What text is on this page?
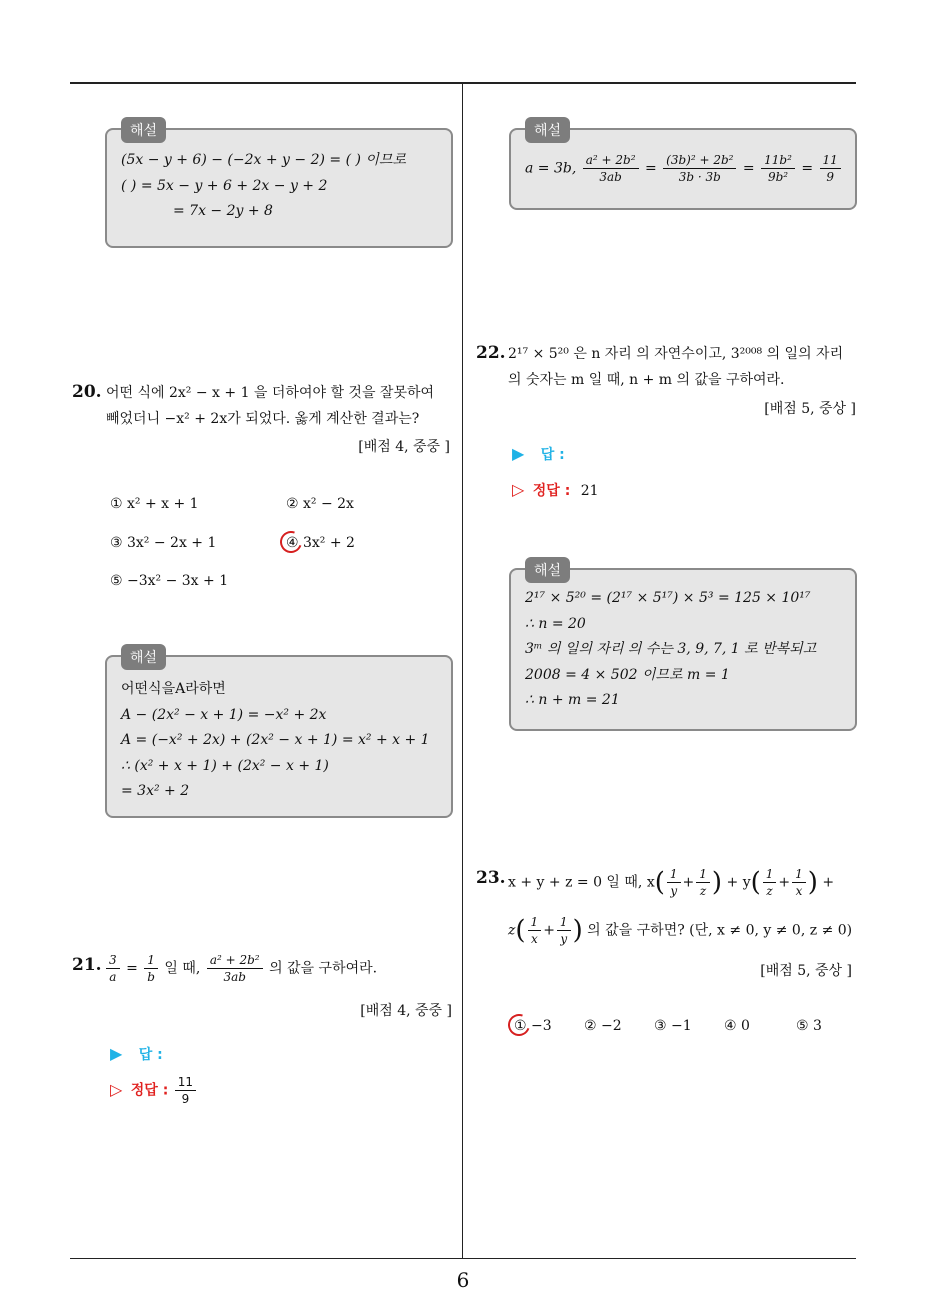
해설
(5x − y + 6) − (−2x + y − 2) = ( ) 이므로
( ) = 5x − y + 6 + 2x − y + 2
= 7x − 2y + 8
해설
a = 3b, $\frac{\text{a² + 2b²}}{3ab} = \frac{\text{(3b)² + 2b²}}{3b \cdot 3b} = \frac{\text{11b²}}{\text{9b²}} = \frac{11}{9}$
20. 어떤 식에 2x² − x + 1 을 더하여야 할 것을 잘못하여
빼었더니 −x² + 2x가 되었다. 옳게 계산한 결과는?
[배점 4, 중중 ]
① x² + x + 1	② x² − 2x
③ 3x² − 2x + 1	④ 3x² + 2
⑤ −3x² − 3x + 1
해설
어떤식을A라하면
A − (2x² − x + 1) = −x² + 2x
A = (−x² + 2x) + (2x² − x + 1) = x² + x + 1
∴ (x² + x + 1) + (2x² − x + 1)
= 3x² + 2
21. $\frac{3}{a} = \frac{1}{b}$ 일 때, $\frac{\text{a² + 2b²}}{3ab}$ 의 값을 구하여라.
[배점 4, 중중 ]
▶ 답 :
▷ 정답 : $\frac{11}{9}$
22. 2¹⁷ × 5²⁰ 은 n 자리 의 자연수이고, 3²⁰⁰⁸ 의 일의 자리
의 숫자는 m 일 때, n + m 의 값을 구하여라.
[배점 5, 중상 ]
▶ 답 :
▷ 정답 : 21
해설
2¹⁷ × 5²⁰ = (2¹⁷ × 5¹⁷) × 5³ = 125 × 10¹⁷
∴ n = 20
3ᵐ 의 일의 자리 의 수는 3, 9, 7, 1 로 반복되고
2008 = 4 × 502 이므로 m = 1
∴ n + m = 21
23. x + y + z = 0 일 때, $x( \frac{1}{y} + \frac{1}{z}$ ) + $y( \frac{1}{z} + \frac{1}{x}$ ) +
$z( \frac{1}{x} + \frac{1}{y}$ ) 의 값을 구하면? (단, x ≠ 0, y ≠ 0, z ≠ 0)
[배점 5, 중상 ]
① −3 ② −2 ③ −1 ④ 0	⑤ 3
6
